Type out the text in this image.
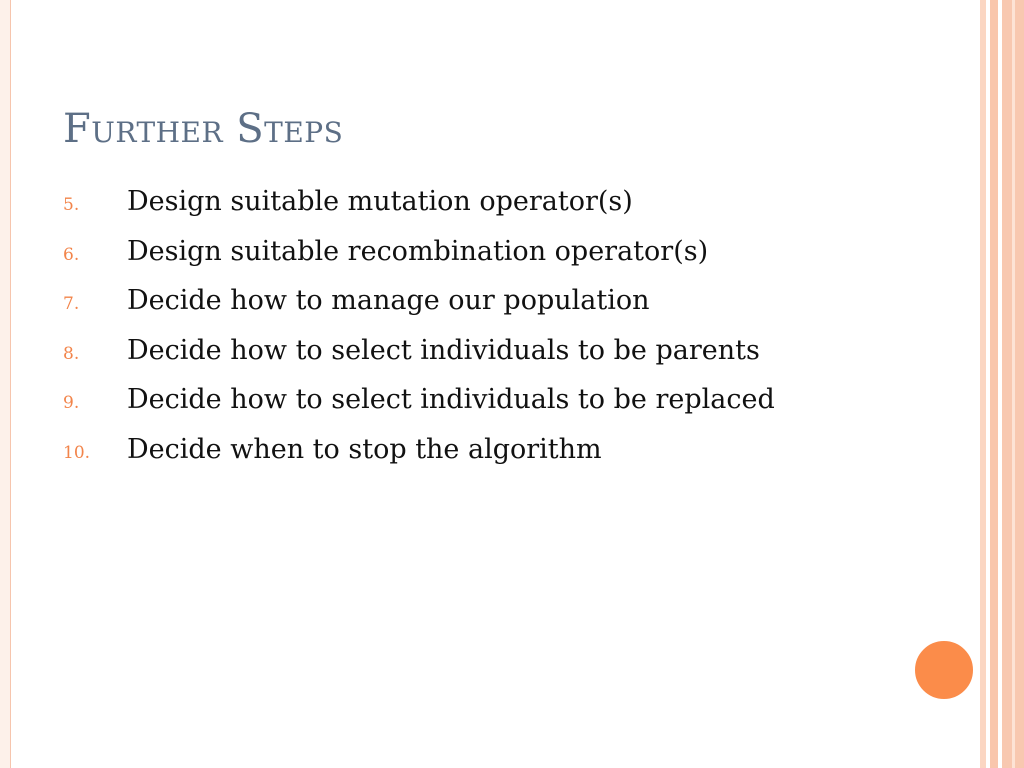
Further Steps
5.	Design suitable mutation operator(s)
6.	Design suitable recombination operator(s)
7.	Decide how to manage our population
8.	Decide how to select individuals to be parents
9.	Decide how to select individuals to be replaced
10.	Decide when to stop the algorithm
